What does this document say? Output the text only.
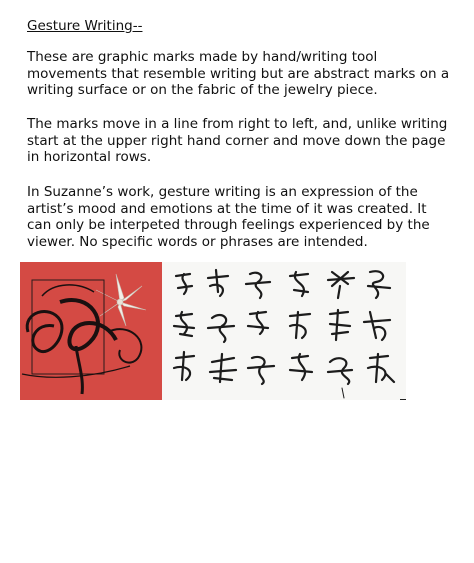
Gesture Writing--

These are graphic marks made by hand/writing tool movements that resemble writing but are abstract marks on a writing surface or on the fabric of the jewelry piece.

The marks move in a line from right to left, and, unlike writing start at the upper right hand corner and move down the page in horizontal rows.

In Suzanne’s work, gesture writing is an expression of the artist’s mood and emotions at the time of it was created. It can only be interpeted through feelings experienced by the viewer. No specific words or phrases are intended.
